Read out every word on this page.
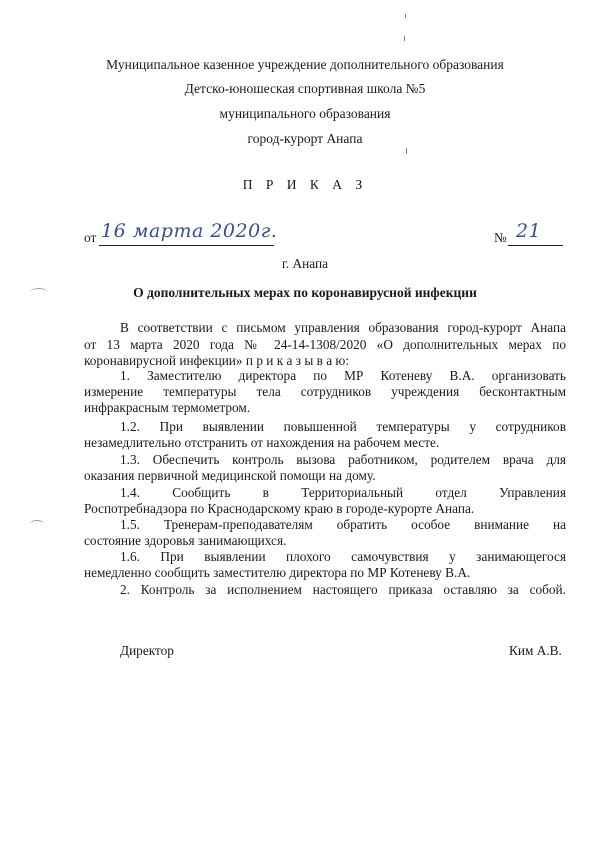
Муниципальное казенное учреждение дополнительного образования
Детско-юношеская спортивная школа №5
муниципального образования
город-курорт Анапа
П Р И К А З
от 16 марта 2020г.	№ 21
г. Анапа
О дополнительных мерах по коронавирусной инфекции
В соответствии с письмом управления образования город-курорт Анапа
от 13 марта 2020 года № 24-14-1308/2020 «О дополнительных мерах по
коронавирусной инфекции» п р и к а з ы в а ю:
1. Заместителю директора по МР Котеневу В.А. организовать
измерение температуры тела сотрудников учреждения бесконтактным
инфракрасным термометром.
1.2. При выявлении повышенной температуры у сотрудников
незамедлительно отстранить от нахождения на рабочем месте.
1.3. Обеспечить контроль вызова работником, родителем врача для
оказания первичной медицинской помощи на дому.
1.4. Сообщить в Территориальный отдел Управления
Роспотребнадзора по Краснодарскому краю в городе-курорте Анапа.
1.5. Тренерам-преподавателям обратить особое внимание на
состояние здоровья занимающихся.
1.6. При выявлении плохого самочувствия у занимающегося
немедленно сообщить заместителю директора по МР Котеневу В.А.
2. Контроль за исполнением настоящего приказа оставляю за собой.
Директор	Ким А.В.
